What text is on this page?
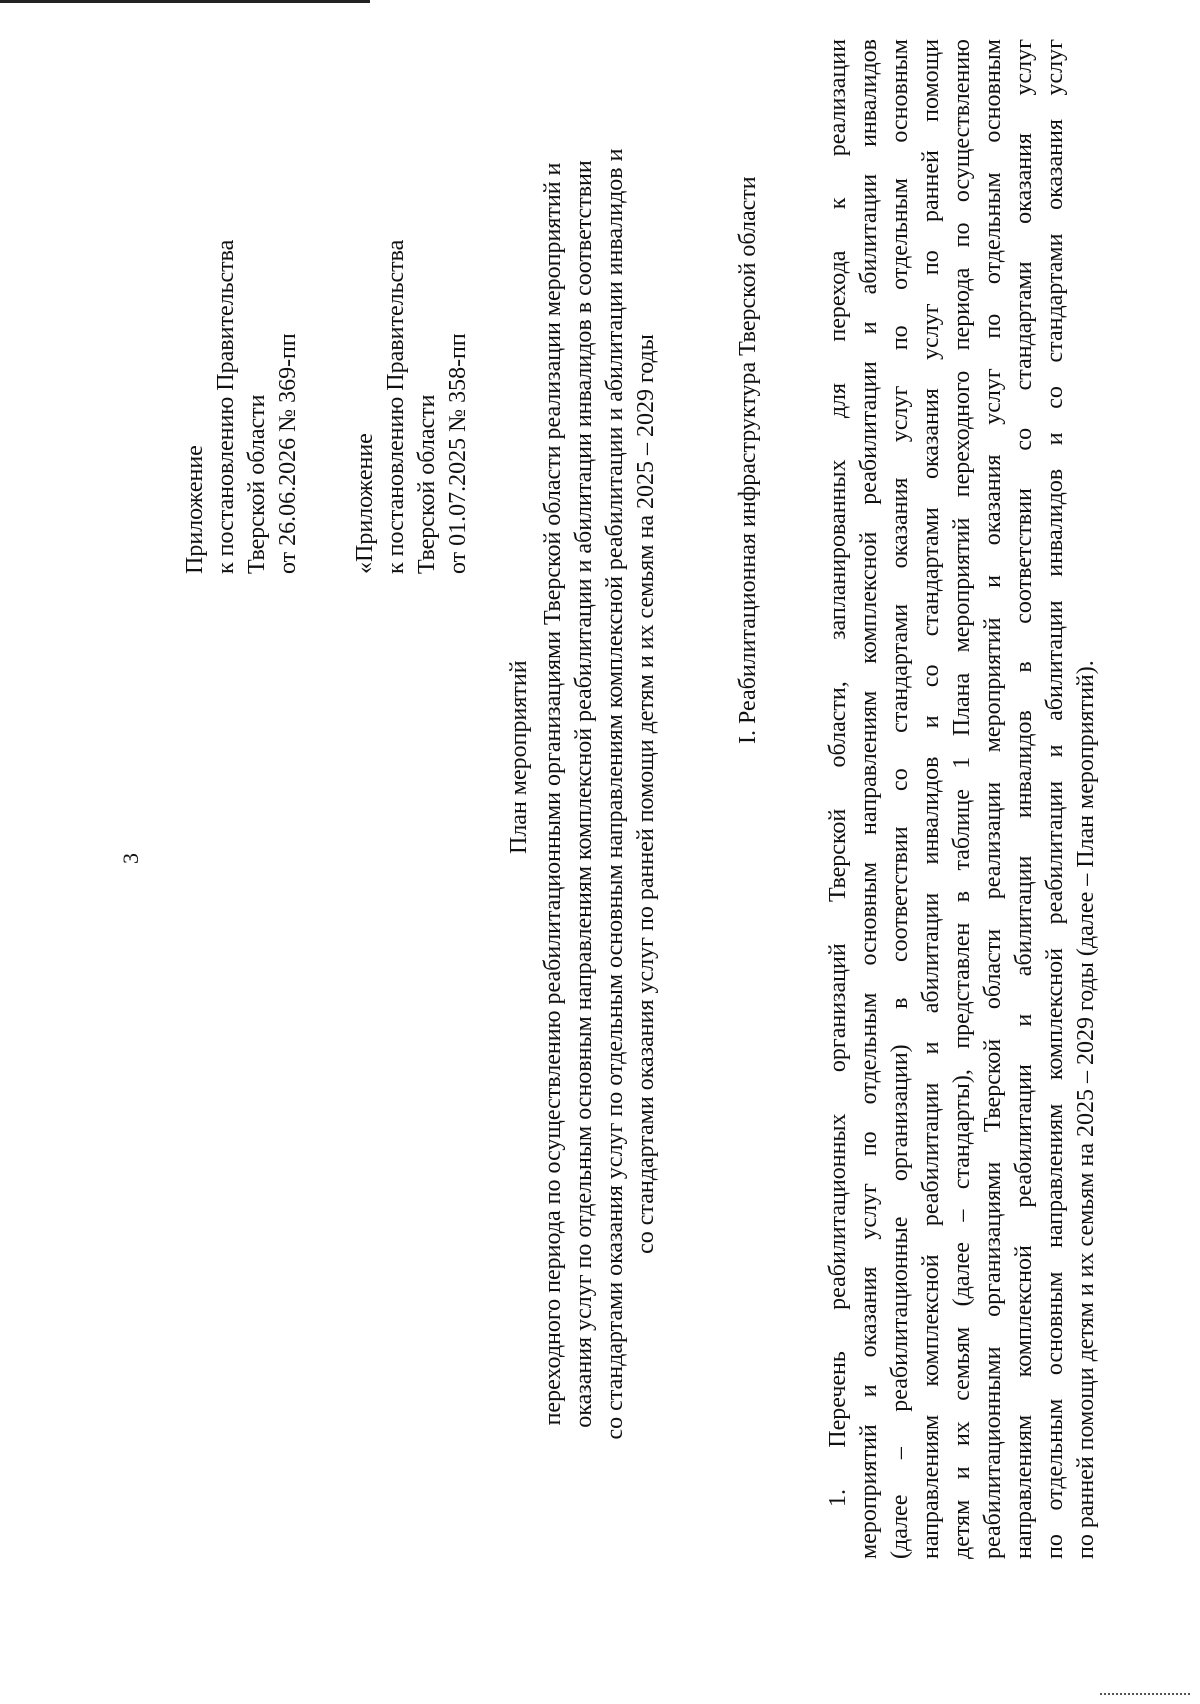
3
Приложение к постановлению Правительства Тверской области от 26.06.2026 № 369-пп «Приложение к постановлению Правительства Тверской области от 01.07.2025 № 358-пп
План мероприятий переходного периода по осуществлению реабилитационными организациями Тверской области реализации мероприятий и оказания услуг по отдельным основным направлениям комплексной реабилитации и абилитации инвалидов в соответствии со стандартами оказания услуг по отдельным основным направлениям комплексной реабилитации и абилитации инвалидов и со стандартами оказания услуг по ранней помощи детям и их семьям на 2025 – 2029 годы	I. Реабилитационная инфраструктура Тверской области	1. Перечень реабилитационных организаций Тверской области, запланированных для перехода к реализации мероприятий и оказания услуг по отдельным основным направлениям комплексной реабилитации и абилитации инвалидов (далее – реабилитационные организации) в соответствии со стандартами оказания услуг по отдельным основным направлениям комплексной реабилитации и абилитации инвалидов и со стандартами оказания услуг по ранней помощи детям и их семьям (далее – стандарты), представлен в таблице 1 Плана мероприятий переходного периода по осуществлению реабилитационными организациями Тверской области реализации мероприятий и оказания услуг по отдельным основным направлениям комплексной реабилитации и абилитации инвалидов в соответствии со стандартами оказания услуг по отдельным основным направлениям комплексной реабилитации и абилитации инвалидов и со стандартами оказания услуг по ранней помощи детям и их семьям на 2025 – 2029 годы (далее – План мероприятий).
